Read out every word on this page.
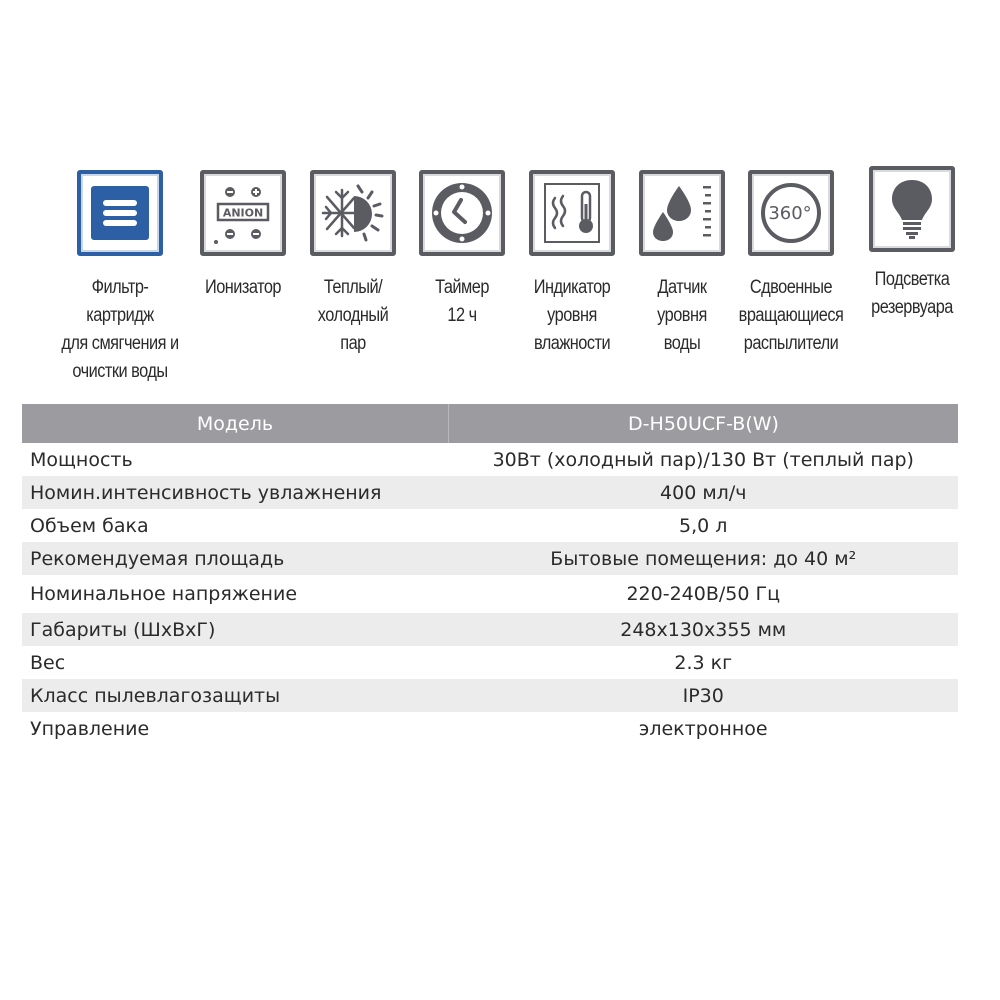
Фильтр-картридж
для смягчения и
очистки воды
ANION
Ионизатор	Теплый/
холодный
пар
Таймер
12 ч
Индикатор
уровня
влажности
Датчик
уровня
воды
360°
Сдвоенные
вращающиеся
распылители
Подсветка
резервуара
Модель	D-H50UCF-B(W)
Мощность	30Вт (холодный пар)/130 Вт (теплый пар)
Номин.интенсивность увлажнения	400 мл/ч
Объем бака	5,0 л
Рекомендуемая площадь	Бытовые помещения: до 40 м²
Номинальное напряжение	220-240В/50 Гц
Габариты (ШхВхГ)	248х130х355 мм
Вес	2.3 кг
Класс пылевлагозащиты	IP30
Управление	электронное
